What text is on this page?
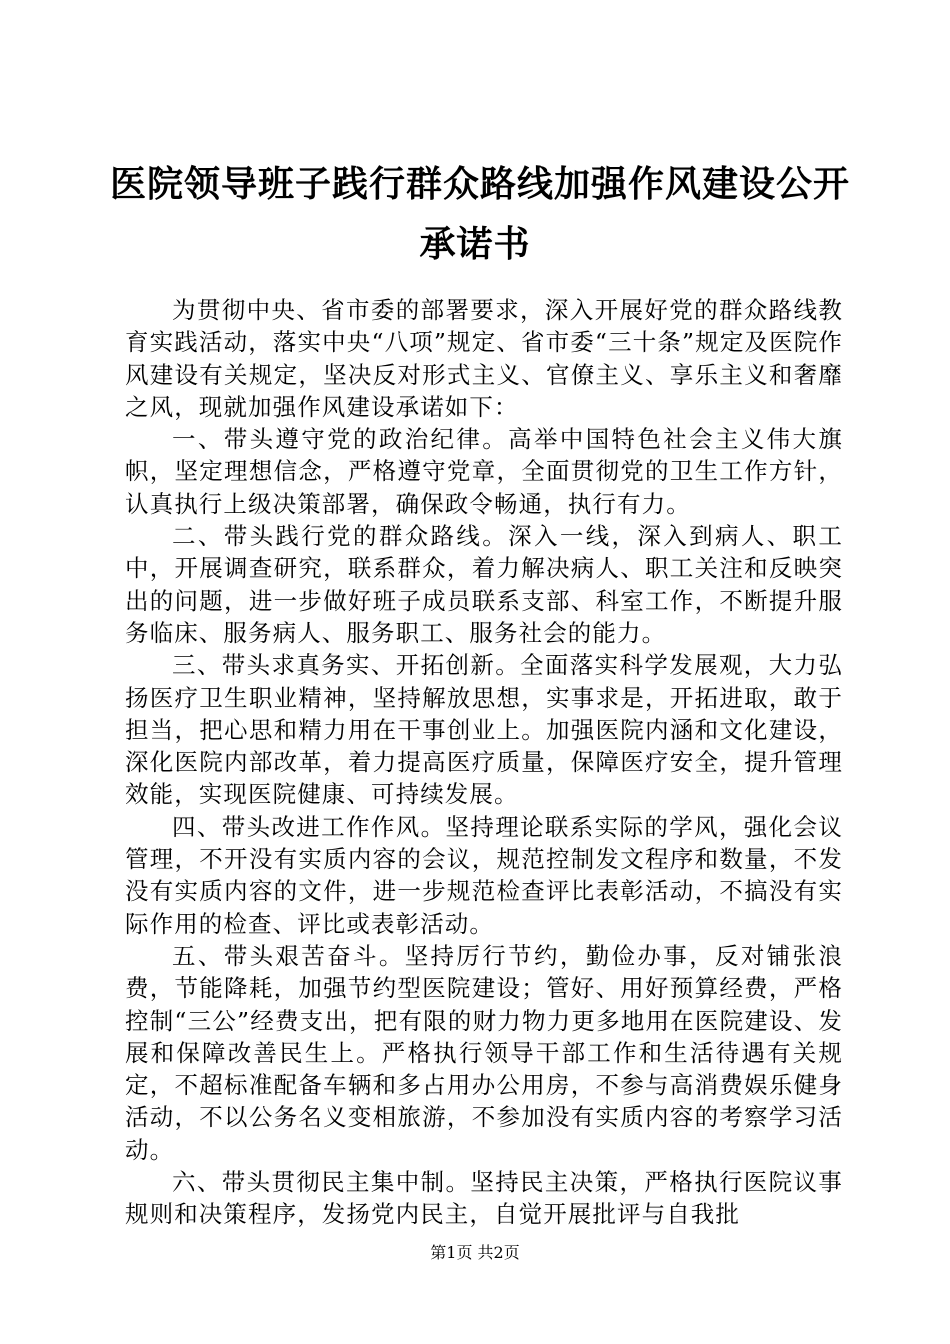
医院领导班子践行群众路线加强作风建设公开
承诺书

为贯彻中央、省市委的部署要求，深入开展好党的群众路线教育实践活动，落实中央“八项”规定、省市委“三十条”规定及医院作风建设有关规定，坚决反对形式主义、官僚主义、享乐主义和奢靡之风，现就加强作风建设承诺如下：

一、带头遵守党的政治纪律。高举中国特色社会主义伟大旗帜，坚定理想信念，严格遵守党章，全面贯彻党的卫生工作方针，认真执行上级决策部署，确保政令畅通，执行有力。

二、带头践行党的群众路线。深入一线，深入到病人、职工中，开展调查研究，联系群众，着力解决病人、职工关注和反映突出的问题，进一步做好班子成员联系支部、科室工作，不断提升服务临床、服务病人、服务职工、服务社会的能力。

三、带头求真务实、开拓创新。全面落实科学发展观，大力弘扬医疗卫生职业精神，坚持解放思想，实事求是，开拓进取，敢于担当，把心思和精力用在干事创业上。加强医院内涵和文化建设，深化医院内部改革，着力提高医疗质量，保障医疗安全，提升管理效能，实现医院健康、可持续发展。

四、带头改进工作作风。坚持理论联系实际的学风，强化会议管理，不开没有实质内容的会议，规范控制发文程序和数量，不发没有实质内容的文件，进一步规范检查评比表彰活动，不搞没有实际作用的检查、评比或表彰活动。

五、带头艰苦奋斗。坚持厉行节约，勤俭办事，反对铺张浪费，节能降耗，加强节约型医院建设；管好、用好预算经费，严格控制“三公”经费支出，把有限的财力物力更多地用在医院建设、发展和保障改善民生上。严格执行领导干部工作和生活待遇有关规定，不超标准配备车辆和多占用办公用房，不参与高消费娱乐健身活动，不以公务名义变相旅游，不参加没有实质内容的考察学习活动。

六、带头贯彻民主集中制。坚持民主决策，严格执行医院议事规则和决策程序，发扬党内民主，自觉开展批评与自我批

第1页 共2页
